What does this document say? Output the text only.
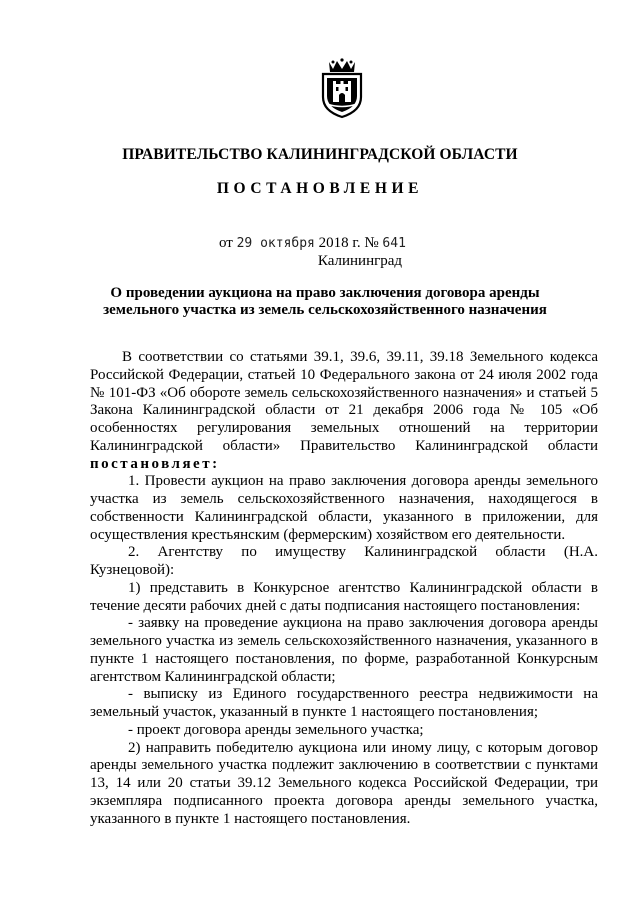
ПРАВИТЕЛЬСТВО КАЛИНИНГРАДСКОЙ ОБЛАСТИ
ПОСТАНОВЛЕНИЕ
от 29 октября 2018 г. № 641
Калининград
О проведении аукциона на право заключения договора аренды
земельного участка из земель сельскохозяйственного назначения

В соответствии со статьями 39.1, 39.6, 39.11, 39.18 Земельного кодекса Российской Федерации, статьей 10 Федерального закона от 24 июля 2002 года № 101-ФЗ «Об обороте земель сельскохозяйственного назначения» и статьей 5 Закона Калининградской области от 21 декабря 2006 года № 105 «Об особенностях регулирования земельных отношений на территории Калининградской области» Правительство Калининградской области постановляет:

1. Провести аукцион на право заключения договора аренды земельного участка из земель сельскохозяйственного назначения, находящегося в собственности Калининградской области, указанного в приложении, для осуществления крестьянским (фермерским) хозяйством его деятельности.

2. Агентству по имуществу Калининградской области (Н.А. Кузнецовой):

1) представить в Конкурсное агентство Калининградской области в течение десяти рабочих дней с даты подписания настоящего постановления:

- заявку на проведение аукциона на право заключения договора аренды земельного участка из земель сельскохозяйственного назначения, указанного в пункте 1 настоящего постановления, по форме, разработанной Конкурсным агентством Калининградской области;

- выписку из Единого государственного реестра недвижимости на земельный участок, указанный в пункте 1 настоящего постановления;

- проект договора аренды земельного участка;

2) направить победителю аукциона или иному лицу, с которым договор аренды земельного участка подлежит заключению в соответствии с пунктами 13, 14 или 20 статьи 39.12 Земельного кодекса Российской Федерации, три экземпляра подписанного проекта договора аренды земельного участка, указанного в пункте 1 настоящего постановления.
